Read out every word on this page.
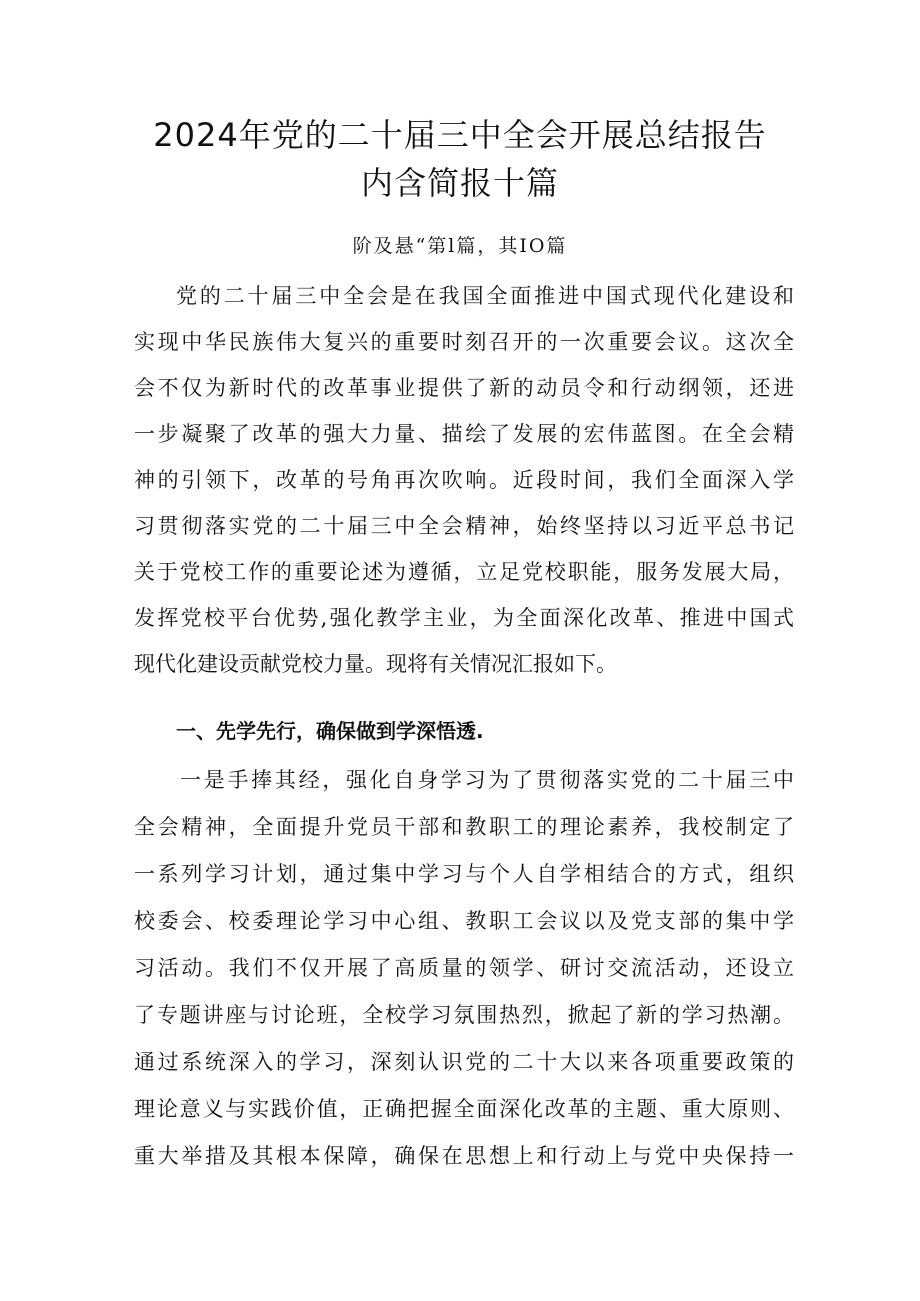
2024年党的二十届三中全会开展总结报告
内含简报十篇
阶及悬“第l篇，其IO篇
党的二十届三中全会是在我国全面推进中国式现代化建设和
实现中华民族伟大复兴的重要时刻召开的一次重要会议。这次全
会不仅为新时代的改革事业提供了新的动员令和行动纲领，还进
一步凝聚了改革的强大力量、描绘了发展的宏伟蓝图。在全会精
神的引领下，改革的号角再次吹响。近段时间，我们全面深入学
习贯彻落实党的二十届三中全会精神，始终坚持以习近平总书记
关于党校工作的重要论述为遵循，立足党校职能，服务发展大局，
发挥党校平台优势,强化教学主业，为全面深化改革、推进中国式
现代化建设贡献党校力量。现将有关情况汇报如下。
一、先学先行，确保做到学深悟透.
一是手捧其经，强化自身学习为了贯彻落实党的二十届三中
全会精神，全面提升党员干部和教职工的理论素养，我校制定了
一系列学习计划，通过集中学习与个人自学相结合的方式，组织
校委会、校委理论学习中心组、教职工会议以及党支部的集中学
习活动。我们不仅开展了高质量的领学、研讨交流活动，还设立
了专题讲座与讨论班，全校学习氛围热烈，掀起了新的学习热潮。
通过系统深入的学习，深刻认识党的二十大以来各项重要政策的
理论意义与实践价值，正确把握全面深化改革的主题、重大原则、
重大举措及其根本保障，确保在思想上和行动上与党中央保持一
